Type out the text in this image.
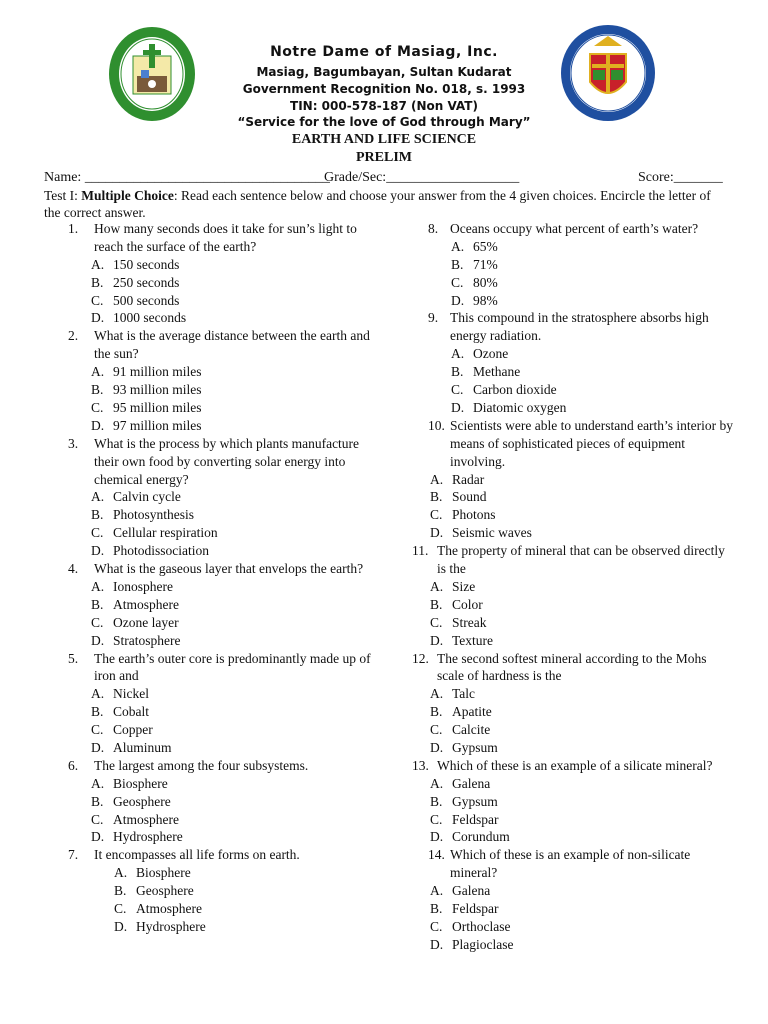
Notre Dame of Masiag, Inc.
Masiag, Bagumbayan, Sultan Kudarat
Government Recognition No. 018, s. 1993
TIN: 000-578-187 (Non VAT)
“Service for the love of God through Mary”
EARTH AND LIFE SCIENCE
PRELIM
Name: ___________________________________
Grade/Sec:___________________	Score:_______
Test I: Multiple Choice: Read each sentence below and choose your answer from the 4 given choices. Encircle the letter of the correct answer.
1. How many seconds does it take for sun’s light to reach the surface of the earth?
A. 150 seconds
B. 250 seconds
C. 500 seconds
D. 1000 seconds
2. What is the average distance between the earth and the sun?
A. 91 million miles
B. 93 million miles
C. 95 million miles
D. 97 million miles
3. What is the process by which plants manufacture their own food by converting solar energy into chemical energy?
A. Calvin cycle
B. Photosynthesis
C. Cellular respiration
D. Photodissociation
4. What is the gaseous layer that envelops the earth?
A. Ionosphere
B. Atmosphere
C. Ozone layer
D. Stratosphere
5. The earth’s outer core is predominantly made up of iron and
A. Nickel
B. Cobalt
C. Copper
D. Aluminum
6. The largest among the four subsystems.
A. Biosphere
B. Geosphere
C. Atmosphere
D. Hydrosphere
7. It encompasses all life forms on earth.
A. Biosphere
B. Geosphere
C. Atmosphere
D. Hydrosphere
8. Oceans occupy what percent of earth’s water?
A. 65%
B. 71%
C. 80%
D. 98%
9. This compound in the stratosphere absorbs high energy radiation.
A. Ozone
B. Methane
C. Carbon dioxide
D. Diatomic oxygen
10. Scientists were able to understand earth’s interior by means of sophisticated pieces of equipment involving.
A. Radar
B. Sound
C. Photons
D. Seismic waves
11. The property of mineral that can be observed directly is the
A. Size
B. Color
C. Streak
D. Texture
12. The second softest mineral according to the Mohs scale of hardness is the
A. Talc
B. Apatite
C. Calcite
D. Gypsum
13. Which of these is an example of a silicate mineral?
A. Galena
B. Gypsum
C. Feldspar
D. Corundum
14. Which of these is an example of non-silicate mineral?
A. Galena
B. Feldspar
C. Orthoclase
D. Plagioclase
